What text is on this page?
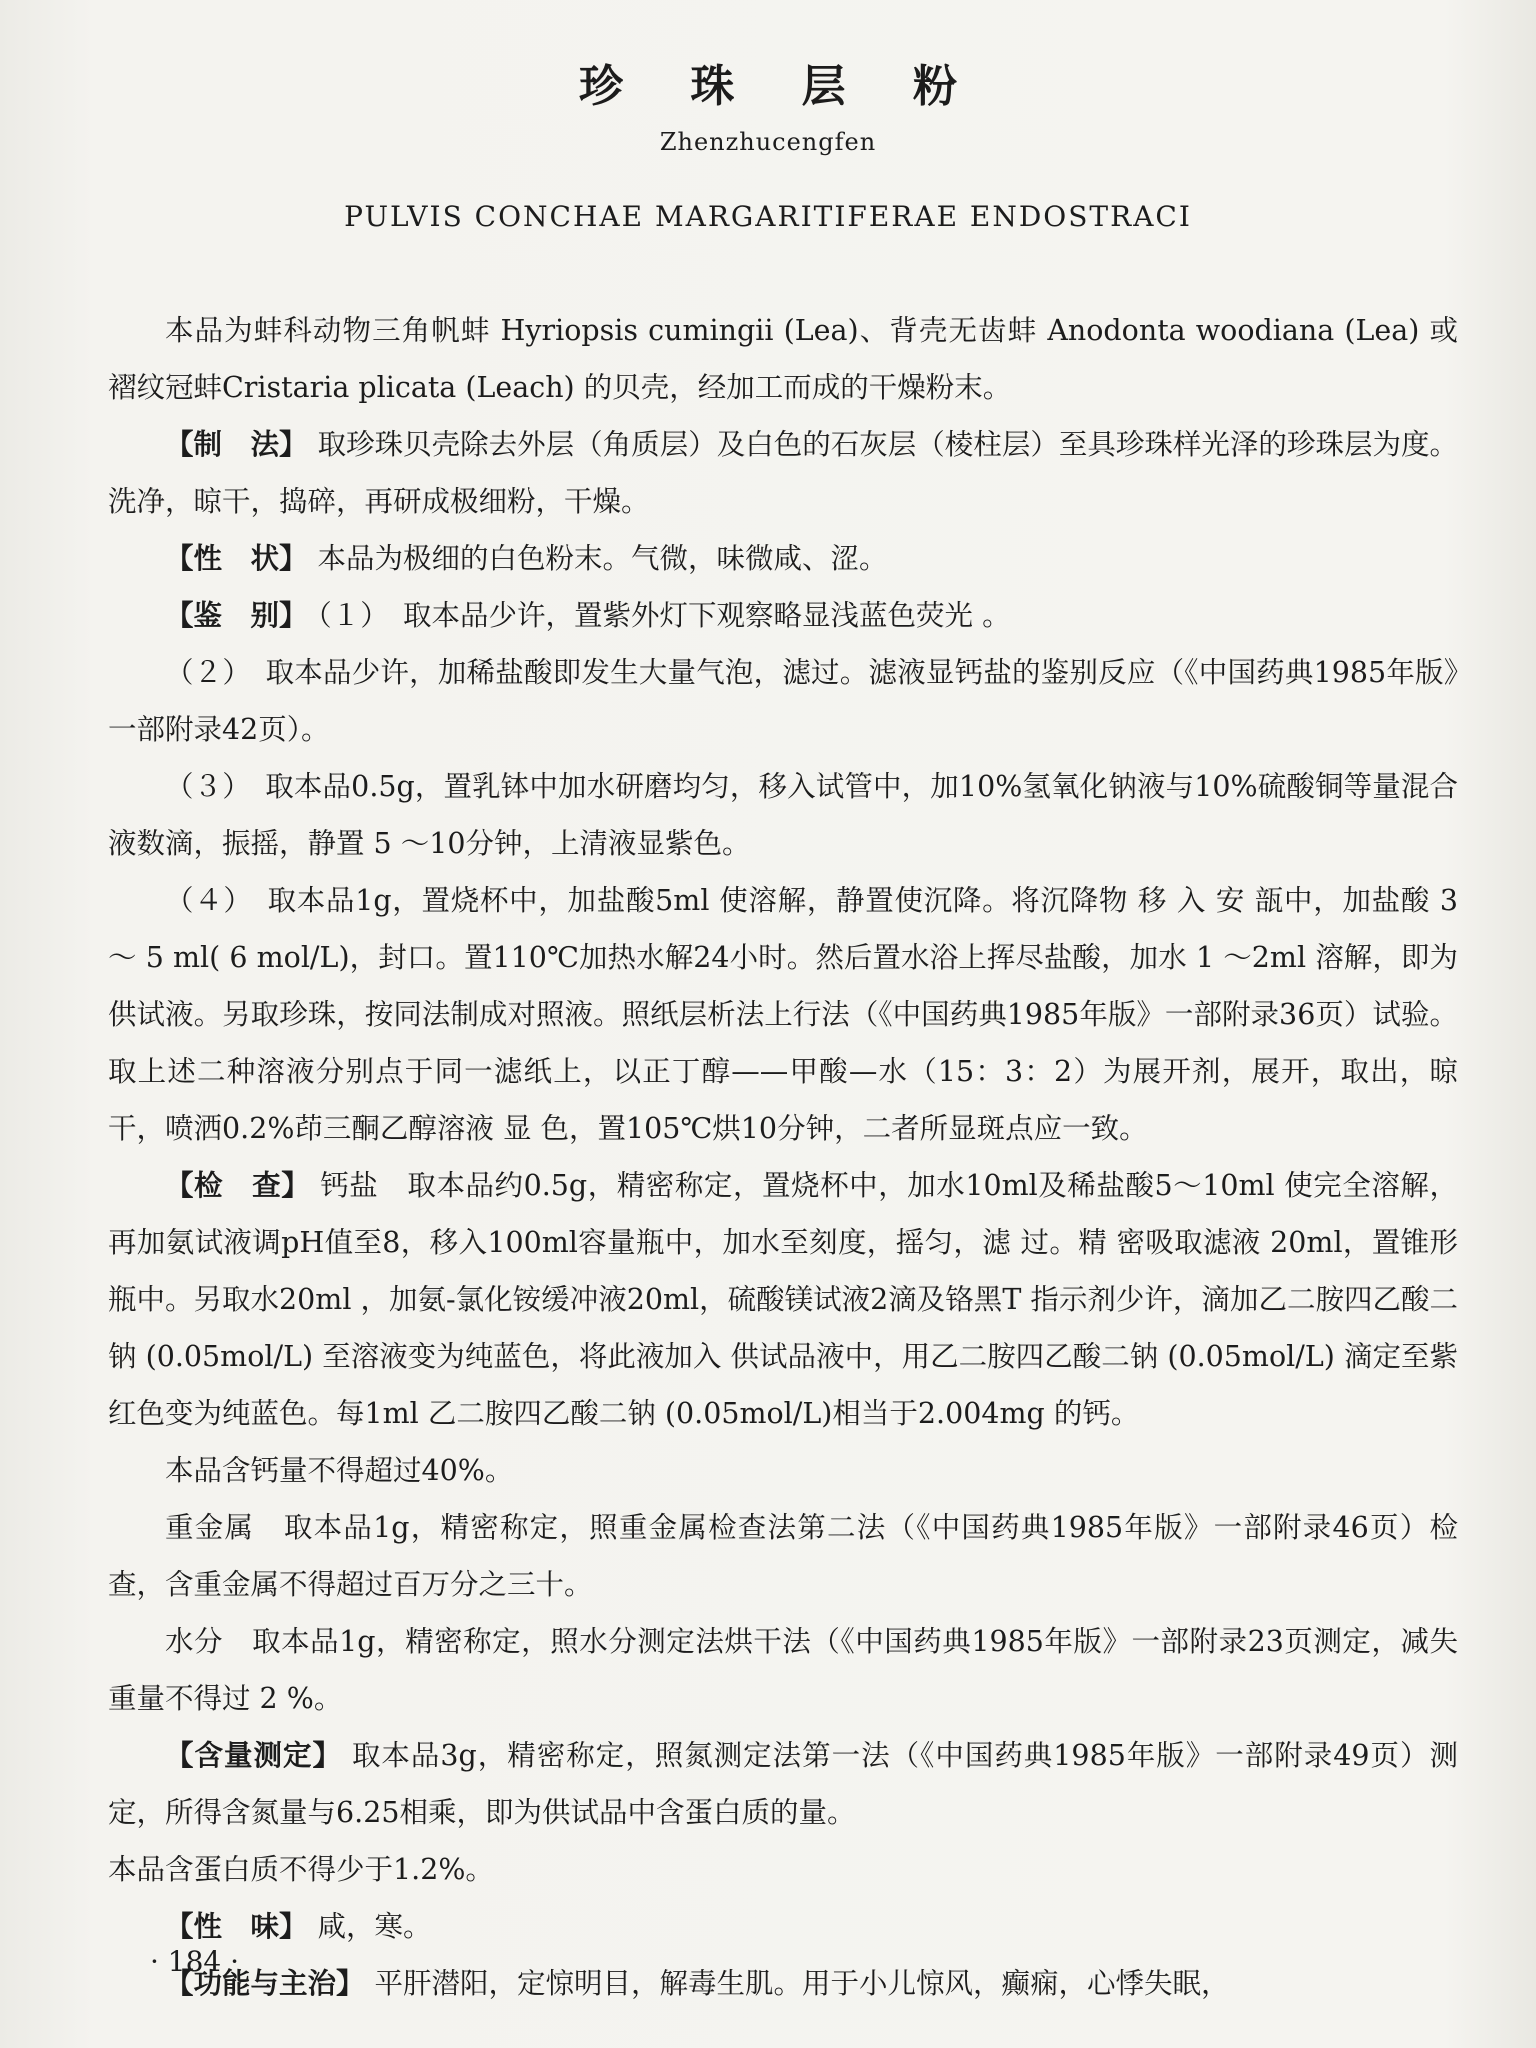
珍 珠 层 粉
Zhenzhucengfen
PULVIS CONCHAE MARGARITIFERAE ENDOSTRACI

本品为蚌科动物三角帆蚌 Hyriopsis cumingii (Lea)、背壳无齿蚌 Anodonta woodiana (Lea) 或褶纹冠蚌Cristaria plicata (Leach) 的贝壳，经加工而成的干燥粉末。

【制　法】 取珍珠贝壳除去外层（角质层）及白色的石灰层（棱柱层）至具珍珠样光泽的珍珠层为度。洗净，晾干，捣碎，再研成极细粉，干燥。

【性　状】 本品为极细的白色粉末。气微，味微咸、涩。

【鉴　别】 （１）　取本品少许，置紫外灯下观察略显浅蓝色荧光 。

（２）　取本品少许，加稀盐酸即发生大量气泡，滤过。滤液显钙盐的鉴别反应（《中国药典1985年版》一部附录42页）。

（３）　取本品0.5g，置乳钵中加水研磨均匀，移入试管中，加10%氢氧化钠液与10%硫酸铜等量混合液数滴，振摇，静置 5 ～10分钟，上清液显紫色。

（４）　取本品1g，置烧杯中，加盐酸5ml 使溶解，静置使沉降。将沉降物 移 入 安 瓿中，加盐酸 3 ～ 5 ml( 6 mol/L)，封口。置110℃加热水解24小时。然后置水浴上挥尽盐酸，加水 1 ～2ml 溶解，即为供试液。另取珍珠，按同法制成对照液。照纸层析法上行法（《中国药典1985年版》一部附录36页）试验。取上述二种溶液分别点于同一滤纸上，以正丁醇——甲酸—水（15：3：2）为展开剂，展开，取出，晾干，喷洒0.2%茚三酮乙醇溶液 显 色，置105℃烘10分钟，二者所显斑点应一致。

【检　查】 钙盐　取本品约0.5g，精密称定，置烧杯中，加水10ml及稀盐酸5～10ml 使完全溶解，再加氨试液调pH值至8，移入100ml容量瓶中，加水至刻度，摇匀，滤 过。精 密吸取滤液 20ml，置锥形瓶中。另取水20ml ，加氨-氯化铵缓冲液20ml，硫酸镁试液2滴及铬黑T 指示剂少许，滴加乙二胺四乙酸二钠 (0.05mol/L) 至溶液变为纯蓝色，将此液加入 供试品液中，用乙二胺四乙酸二钠 (0.05mol/L) 滴定至紫红色变为纯蓝色。每1ml 乙二胺四乙酸二钠 (0.05mol/L)相当于2.004mg 的钙。

本品含钙量不得超过40%。

重金属　取本品1g，精密称定，照重金属检查法第二法（《中国药典1985年版》一部附录46页）检查，含重金属不得超过百万分之三十。

水分　取本品1g，精密称定，照水分测定法烘干法（《中国药典1985年版》一部附录23页测定，减失重量不得过 2 %。

【含量测定】 取本品3g，精密称定，照氮测定法第一法（《中国药典1985年版》一部附录49页）测定，所得含氮量与6.25相乘，即为供试品中含蛋白质的量。

本品含蛋白质不得少于1.2%。

【性　味】 咸，寒。

【功能与主治】 平肝潜阳，定惊明目，解毒生肌。用于小儿惊风，癫痫，心悸失眠，

· 184 ·
